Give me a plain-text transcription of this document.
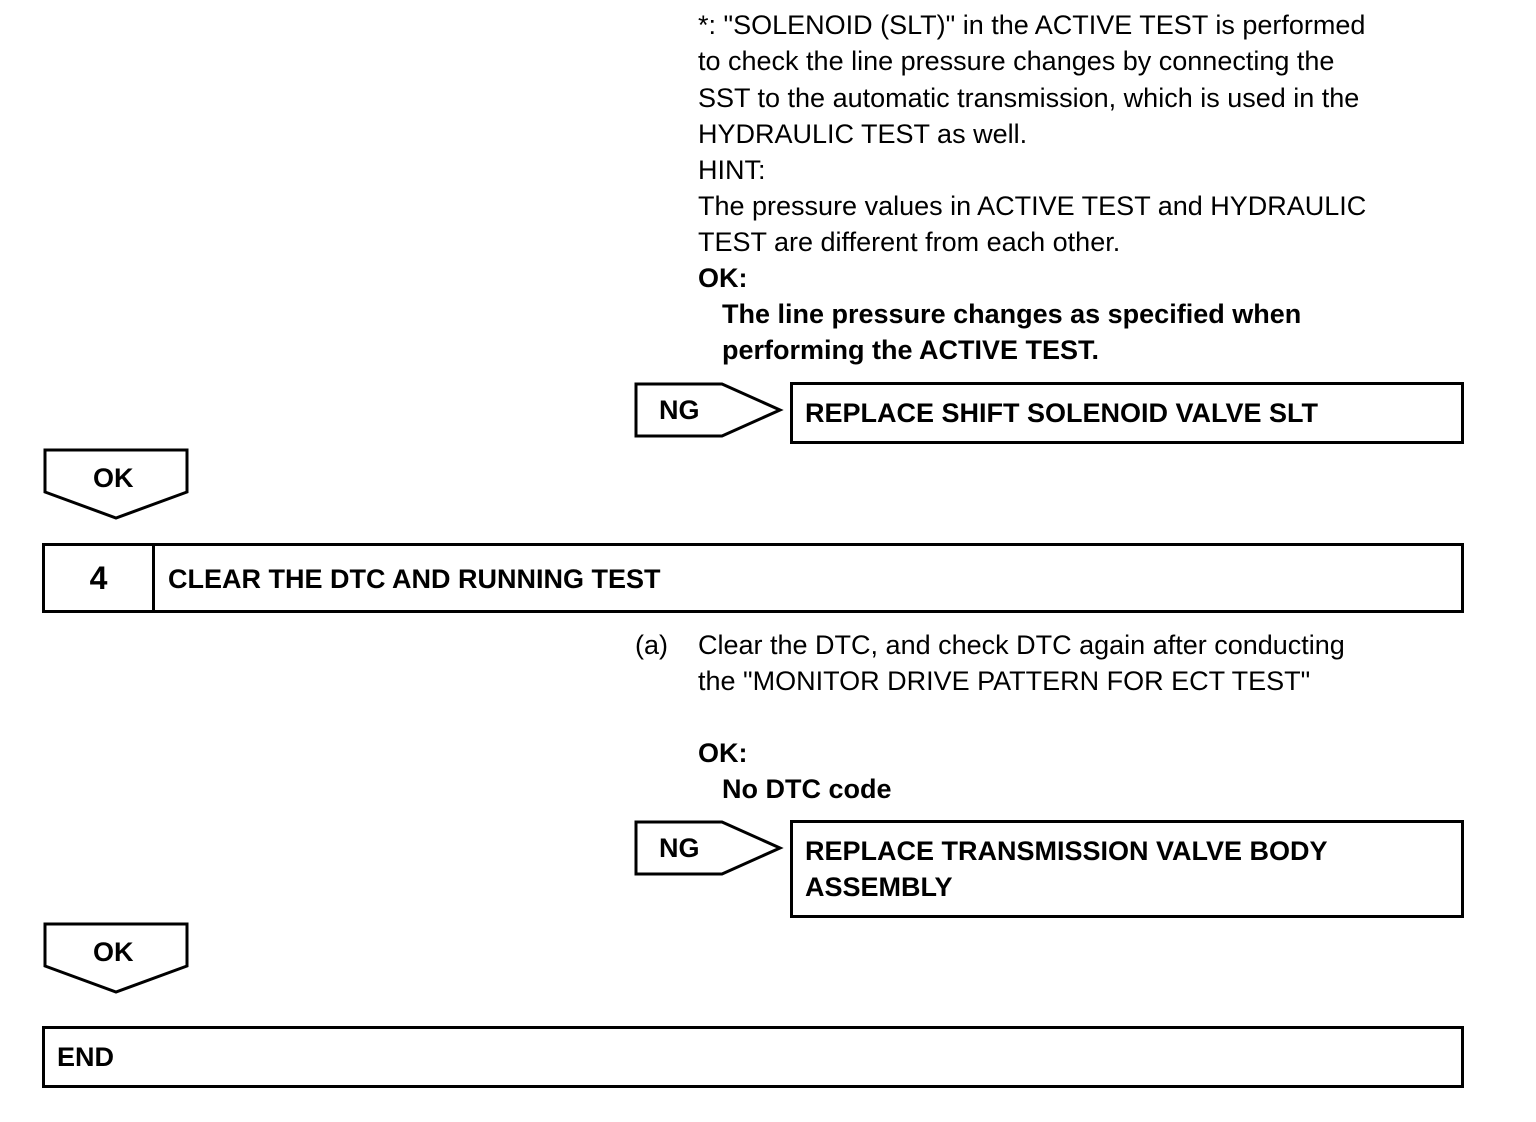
*: "SOLENOID (SLT)" in the ACTIVE TEST is performed
to check the line pressure changes by connecting the
SST to the automatic transmission, which is used in the
HYDRAULIC TEST as well.
HINT:
The pressure values in ACTIVE TEST and HYDRAULIC
TEST are different from each other.
OK:
The line pressure changes as specified when
performing the ACTIVE TEST.
NG	REPLACE SHIFT SOLENOID VALVE SLT
OK
4	CLEAR THE DTC AND RUNNING TEST
(a) Clear the DTC, and check DTC again after conducting
the "MONITOR DRIVE PATTERN FOR ECT TEST"
OK:
No DTC code
NG	REPLACE TRANSMISSION VALVE BODY
ASSEMBLY
OK
END
